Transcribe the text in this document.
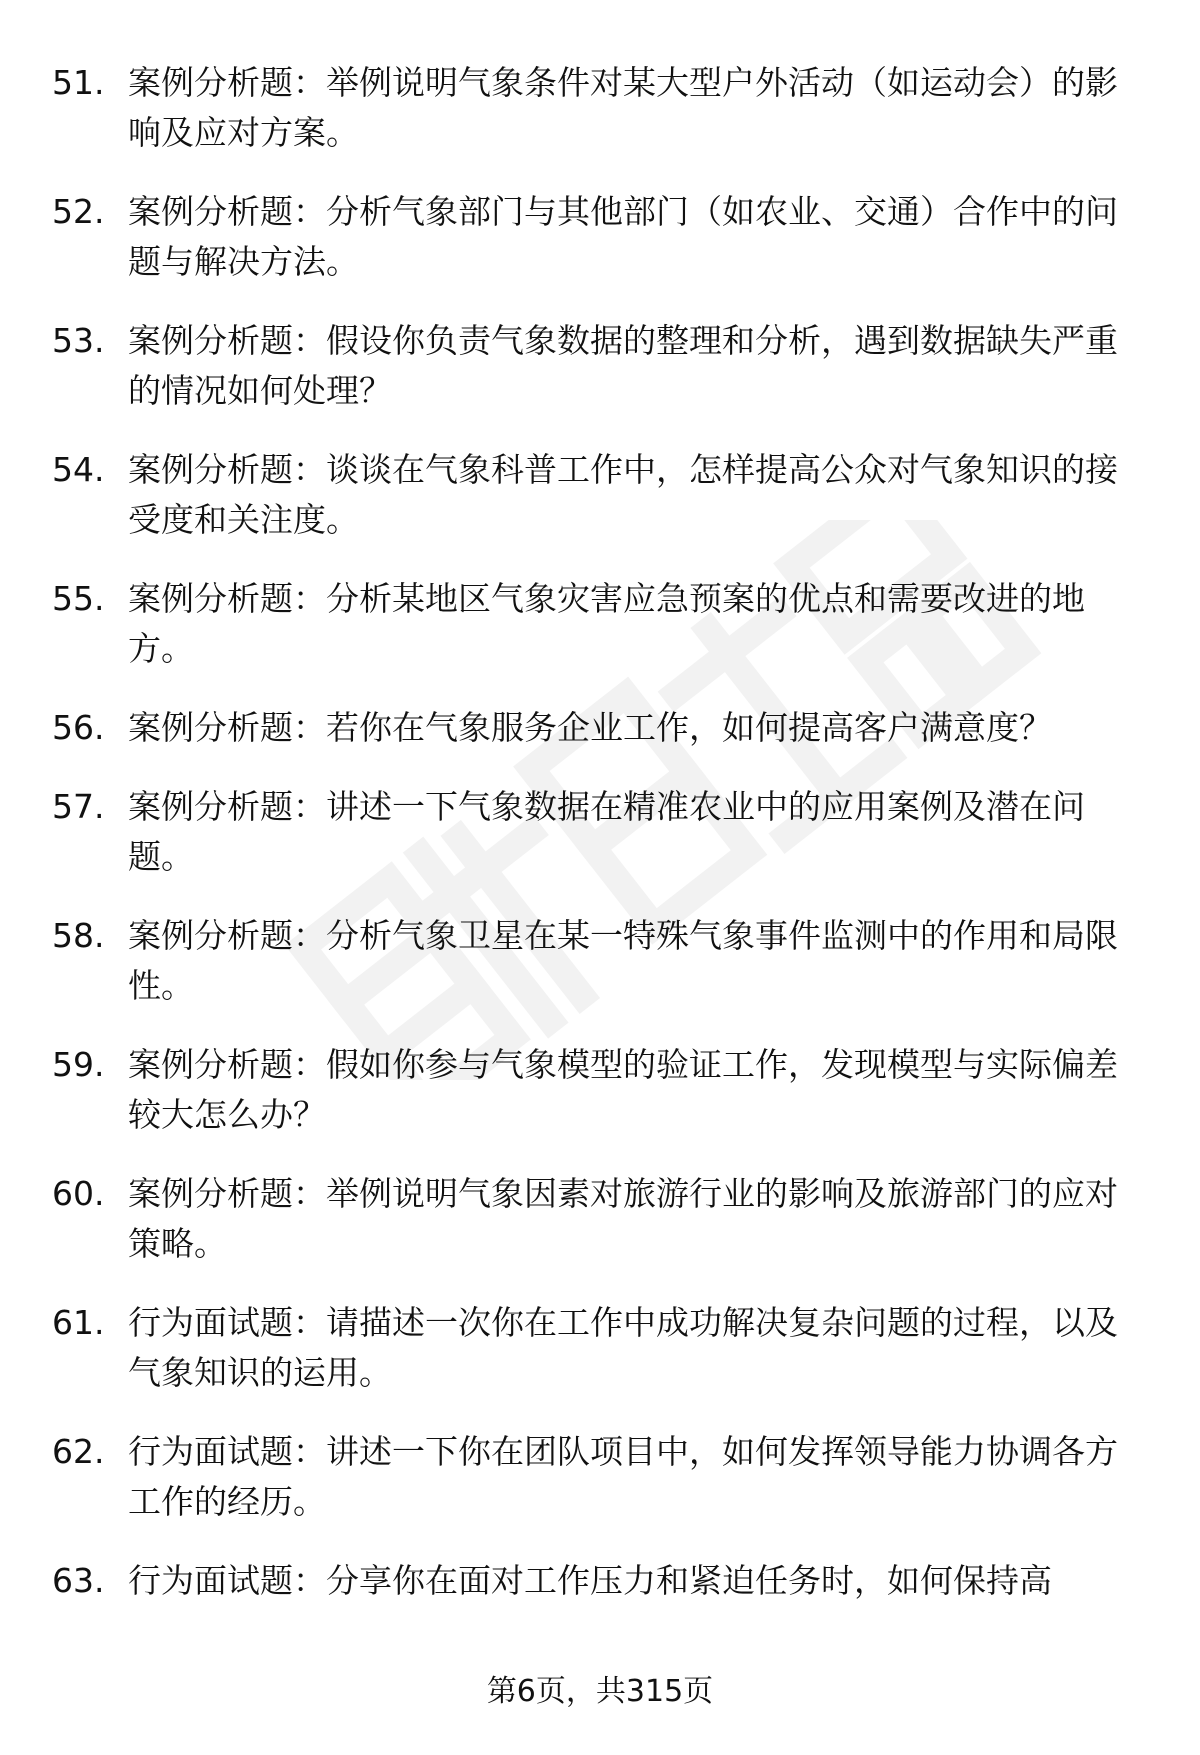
51. 案例分析题：举例说明气象条件对某大型户外活动（如运动会）的影响及应对方案。
52. 案例分析题：分析气象部门与其他部门（如农业、交通）合作中的问题与解决方法。
53. 案例分析题：假设你负责气象数据的整理和分析，遇到数据缺失严重的情况如何处理？
54. 案例分析题：谈谈在气象科普工作中，怎样提高公众对气象知识的接受度和关注度。
55. 案例分析题：分析某地区气象灾害应急预案的优点和需要改进的地方。
56. 案例分析题：若你在气象服务企业工作，如何提高客户满意度？
57. 案例分析题：讲述一下气象数据在精准农业中的应用案例及潜在问题。
58. 案例分析题：分析气象卫星在某一特殊气象事件监测中的作用和局限性。
59. 案例分析题：假如你参与气象模型的验证工作，发现模型与实际偏差较大怎么办？
60. 案例分析题：举例说明气象因素对旅游行业的影响及旅游部门的应对策略。
61. 行为面试题：请描述一次你在工作中成功解决复杂问题的过程，以及气象知识的运用。
62. 行为面试题：讲述一下你在团队项目中，如何发挥领导能力协调各方工作的经历。
63. 行为面试题：分享你在面对工作压力和紧迫任务时，如何保持高
第6页，共315页
